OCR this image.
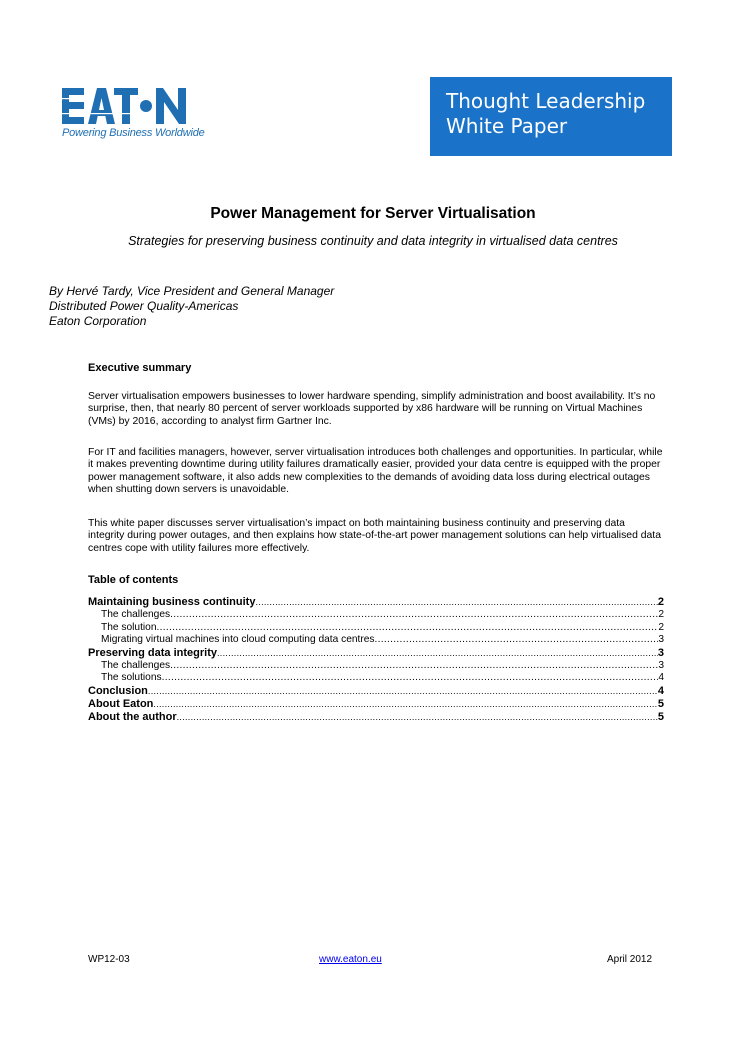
Powering Business Worldwide
Thought Leadership
White Paper
Power Management for Server Virtualisation
Strategies for preserving business continuity and data integrity in virtualised data centres
By Hervé Tardy, Vice President and General Manager
Distributed Power Quality-Americas
Eaton Corporation
Executive summary

Server virtualisation empowers businesses to lower hardware spending, simplify administration and boost availability. It’s no surprise, then, that nearly 80 percent of server workloads supported by x86 hardware will be running on Virtual Machines (VMs) by 2016, according to analyst firm Gartner Inc.

For IT and facilities managers, however, server virtualisation introduces both challenges and opportunities. In particular, while it makes preventing downtime during utility failures dramatically easier, provided your data centre is equipped with the proper power management software, it also adds new complexities to the demands of avoiding data loss during electrical outages when shutting down servers is unavoidable.

This white paper discusses server virtualisation’s impact on both maintaining business continuity and preserving data integrity during power outages, and then explains how state-of-the-art power management solutions can help virtualised data centres cope with utility failures more effectively.

Table of contents
Maintaining business continuity .....	2
The challenges .....	2
The solution .....	2
Migrating virtual machines into cloud computing data centres .....	3
Preserving data integrity .....	3
The challenges .....	3
The solutions .....	4
Conclusion .....	4
About Eaton .....	5
About the author .....	5
WP12-03	www.eaton.eu	April 2012
